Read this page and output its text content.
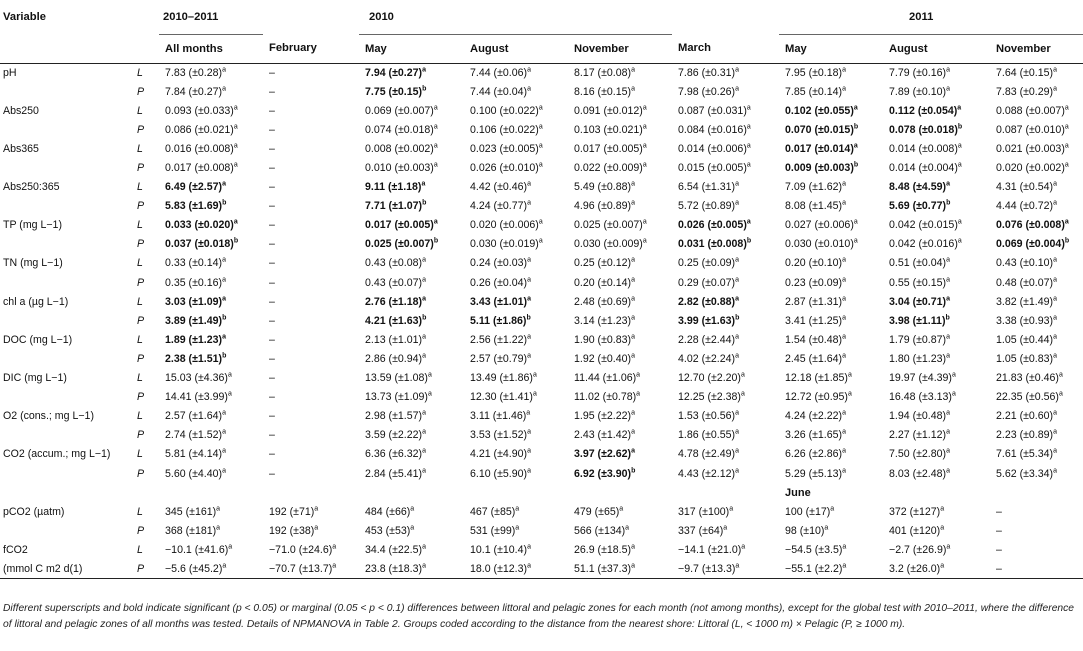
Variable		2010–2011		2010				2011		
		All months	February	May	August	November	March	May	August	November
pH	L	7.83 $(\pm 0.28)^a$	–	7.94 $(\pm 0.27)^a$	7.44 $(\pm 0.06)^a$	8.17 $(\pm 0.08)^a$	7.86 $(\pm 0.31)^a$	7.95 $(\pm 0.18)^a$	7.79 $(\pm 0.16)^a$	7.64 $(\pm 0.15)^a$
	P	7.84 $(\pm 0.27)^a$	–	7.75 $(\pm 0.15)^b$	7.44 $(\pm 0.04)^a$	8.16 $(\pm 0.15)^a$	7.98 $(\pm 0.26)^a$	7.85 $(\pm 0.14)^a$	7.89 $(\pm 0.10)^a$	7.83 $(\pm 0.29)^a$
Abs250	L	0.093 $(\pm 0.033)^a$	–	0.069 $(\pm 0.007)^a$	0.100 $(\pm 0.022)^a$	0.091 $(\pm 0.012)^a$	0.087 $(\pm 0.031)^a$	0.102 $(\pm 0.055)^a$	0.112 $(\pm 0.054)^a$	0.088 $(\pm 0.007)^a$
	P	0.086 $(\pm 0.021)^a$	–	0.074 $(\pm 0.018)^a$	0.106 $(\pm 0.022)^a$	0.103 $(\pm 0.021)^a$	0.084 $(\pm 0.016)^a$	0.070 $(\pm 0.015)^b$	0.078 $(\pm 0.018)^b$	0.087 $(\pm 0.010)^a$
Abs365	L	0.016 $(\pm 0.008)^a$	–	0.008 $(\pm 0.002)^a$	0.023 $(\pm 0.005)^a$	0.017 $(\pm 0.005)^a$	0.014 $(\pm 0.006)^a$	0.017 $(\pm 0.014)^a$	0.014 $(\pm 0.008)^a$	0.021 $(\pm 0.003)^a$
	P	0.017 $(\pm 0.008)^a$	–	0.010 $(\pm 0.003)^a$	0.026 $(\pm 0.010)^a$	0.022 $(\pm 0.009)^a$	0.015 $(\pm 0.005)^a$	0.009 $(\pm 0.003)^b$	0.014 $(\pm 0.004)^a$	0.020 $(\pm 0.002)^a$
Abs250:365	L	6.49 $(\pm 2.57)^a$	–	9.11 $(\pm 1.18)^a$	4.42 $(\pm 0.46)^a$	5.49 $(\pm 0.88)^a$	6.54 $(\pm 1.31)^a$	7.09 $(\pm 1.62)^a$	8.48 $(\pm 4.59)^a$	4.31 $(\pm 0.54)^a$
	P	5.83 $(\pm 1.69)^b$	–	7.71 $(\pm 1.07)^b$	4.24 $(\pm 0.77)^a$	4.96 $(\pm 0.89)^a$	5.72 $(\pm 0.89)^a$	8.08 $(\pm 1.45)^a$	5.69 $(\pm 0.77)^b$	4.44 $(\pm 0.72)^a$
TP (mg L−1)	L	0.033 $(\pm 0.020)^a$	–	0.017 $(\pm 0.005)^a$	0.020 $(\pm 0.006)^a$	0.025 $(\pm 0.007)^a$	0.026 $(\pm 0.005)^a$	0.027 $(\pm 0.006)^a$	0.042 $(\pm 0.015)^a$	0.076 $(\pm 0.008)^a$
	P	0.037 $(\pm 0.018)^b$	–	0.025 $(\pm 0.007)^b$	0.030 $(\pm 0.019)^a$	0.030 $(\pm 0.009)^a$	0.031 $(\pm 0.008)^b$	0.030 $(\pm 0.010)^a$	0.042 $(\pm 0.016)^a$	0.069 $(\pm 0.004)^b$
TN (mg L−1)	L	0.33 $(\pm 0.14)^a$	–	0.43 $(\pm 0.08)^a$	0.24 $(\pm 0.03)^a$	0.25 $(\pm 0.12)^a$	0.25 $(\pm 0.09)^a$	0.20 $(\pm 0.10)^a$	0.51 $(\pm 0.04)^a$	0.43 $(\pm 0.10)^a$
	P	0.35 $(\pm 0.16)^a$	–	0.43 $(\pm 0.07)^a$	0.26 $(\pm 0.04)^a$	0.20 $(\pm 0.14)^a$	0.29 $(\pm 0.07)^a$	0.23 $(\pm 0.09)^a$	0.55 $(\pm 0.15)^a$	0.48 $(\pm 0.07)^a$
chl a (µg L−1)	L	3.03 $(\pm 1.09)^a$	–	2.76 $(\pm 1.18)^a$	3.43 $(\pm 1.01)^a$	2.48 $(\pm 0.69)^a$	2.82 $(\pm 0.88)^a$	2.87 $(\pm 1.31)^a$	3.04 $(\pm 0.71)^a$	3.82 $(\pm 1.49)^a$
	P	3.89 $(\pm 1.49)^b$	–	4.21 $(\pm 1.63)^b$	5.11 $(\pm 1.86)^b$	3.14 $(\pm 1.23)^a$	3.99 $(\pm 1.63)^b$	3.41 $(\pm 1.25)^a$	3.98 $(\pm 1.11)^b$	3.38 $(\pm 0.93)^a$
DOC (mg L−1)	L	1.89 $(\pm 1.23)^a$	–	2.13 $(\pm 1.01)^a$	2.56 $(\pm 1.22)^a$	1.90 $(\pm 0.83)^a$	2.28 $(\pm 2.44)^a$	1.54 $(\pm 0.48)^a$	1.79 $(\pm 0.87)^a$	1.05 $(\pm 0.44)^a$
	P	2.38 $(\pm 1.51)^b$	–	2.86 $(\pm 0.94)^a$	2.57 $(\pm 0.79)^a$	1.92 $(\pm 0.40)^a$	4.02 $(\pm 2.24)^a$	2.45 $(\pm 1.64)^a$	1.80 $(\pm 1.23)^a$	1.05 $(\pm 0.83)^a$
DIC (mg L−1)	L	15.03 $(\pm 4.36)^a$	–	13.59 $(\pm 1.08)^a$	13.49 $(\pm 1.86)^a$	11.44 $(\pm 1.06)^a$	12.70 $(\pm 2.20)^a$	12.18 $(\pm 1.85)^a$	19.97 $(\pm 4.39)^a$	21.83 $(\pm 0.46)^a$
	P	14.41 $(\pm 3.99)^a$	–	13.73 $(\pm 1.09)^a$	12.30 $(\pm 1.41)^a$	11.02 $(\pm 0.78)^a$	12.25 $(\pm 2.38)^a$	12.72 $(\pm 0.95)^a$	16.48 $(\pm 3.13)^a$	22.35 $(\pm 0.56)^a$
O2 (cons.; mg L−1)	L	2.57 $(\pm 1.64)^a$	–	2.98 $(\pm 1.57)^a$	3.11 $(\pm 1.46)^a$	1.95 $(\pm 2.22)^a$	1.53 $(\pm 0.56)^a$	4.24 $(\pm 2.22)^a$	1.94 $(\pm 0.48)^a$	2.21 $(\pm 0.60)^a$
	P	2.74 $(\pm 1.52)^a$	–	3.59 $(\pm 2.22)^a$	3.53 $(\pm 1.52)^a$	2.43 $(\pm 1.42)^a$	1.86 $(\pm 0.55)^a$	3.26 $(\pm 1.65)^a$	2.27 $(\pm 1.12)^a$	2.23 $(\pm 0.89)^a$
CO2 (accum.; mg L−1)	L	5.81 $(\pm 4.14)^a$	–	6.36 $(\pm 6.32)^a$	4.21 $(\pm 4.90)^a$	3.97 $(\pm 2.62)^a$	4.78 $(\pm 2.49)^a$	6.26 $(\pm 2.86)^a$	7.50 $(\pm 2.80)^a$	7.61 $(\pm 5.34)^a$
	P	5.60 $(\pm 4.40)^a$	–	2.84 $(\pm 5.41)^a$	6.10 $(\pm 5.90)^a$	6.92 $(\pm 3.90)^b$	4.43 $(\pm 2.12)^a$	5.29 $(\pm 5.13)^a$	8.03 $(\pm 2.48)^a$	5.62 $(\pm 3.34)^a$
								June		
pCO2 (µatm)	L	345 $(\pm 161)^a$	192 $(\pm 71)^a$	484 $(\pm 66)^a$	467 $(\pm 85)^a$	479 $(\pm 65)^a$	317 $(\pm 100)^a$	100 $(\pm 17)^a$	372 $(\pm 127)^a$	–
	P	368 $(\pm 181)^a$	192 $(\pm 38)^a$	453 $(\pm 53)^a$	531 $(\pm 99)^a$	566 $(\pm 134)^a$	337 $(\pm 64)^a$	98 $(\pm 10)^a$	401 $(\pm 120)^a$	–
fCO2	L	−10.1 $(\pm 41.6)^a$	−71.0 $(\pm 24.6)^a$	34.4 $(\pm 22.5)^a$	10.1 $(\pm 10.4)^a$	26.9 $(\pm 18.5)^a$	−14.1 $(\pm 21.0)^a$	−54.5 $(\pm 3.5)^a$	−2.7 $(\pm 26.9)^a$	–
(mmol C m2 d(1)	P	−5.6 $(\pm 45.2)^a$	−70.7 $(\pm 13.7)^a$	23.8 $(\pm 18.3)^a$	18.0 $(\pm 12.3)^a$	51.1 $(\pm 37.3)^a$	−9.7 $(\pm 13.3)^a$	−55.1 $(\pm 2.2)^a$	3.2 $(\pm 26.0)^a$	–
Different superscripts and bold indicate significant (p < 0.05) or marginal (0.05 < p < 0.1) differences between littoral and pelagic zones for each month (not among months), except for the global test with 2010–2011, where the difference of littoral and pelagic zones of all months was tested. Details of NPMANOVA in Table 2. Groups coded according to the distance from the nearest shore: Littoral (L, < 1000 m) × Pelagic (P, ≥ 1000 m).
